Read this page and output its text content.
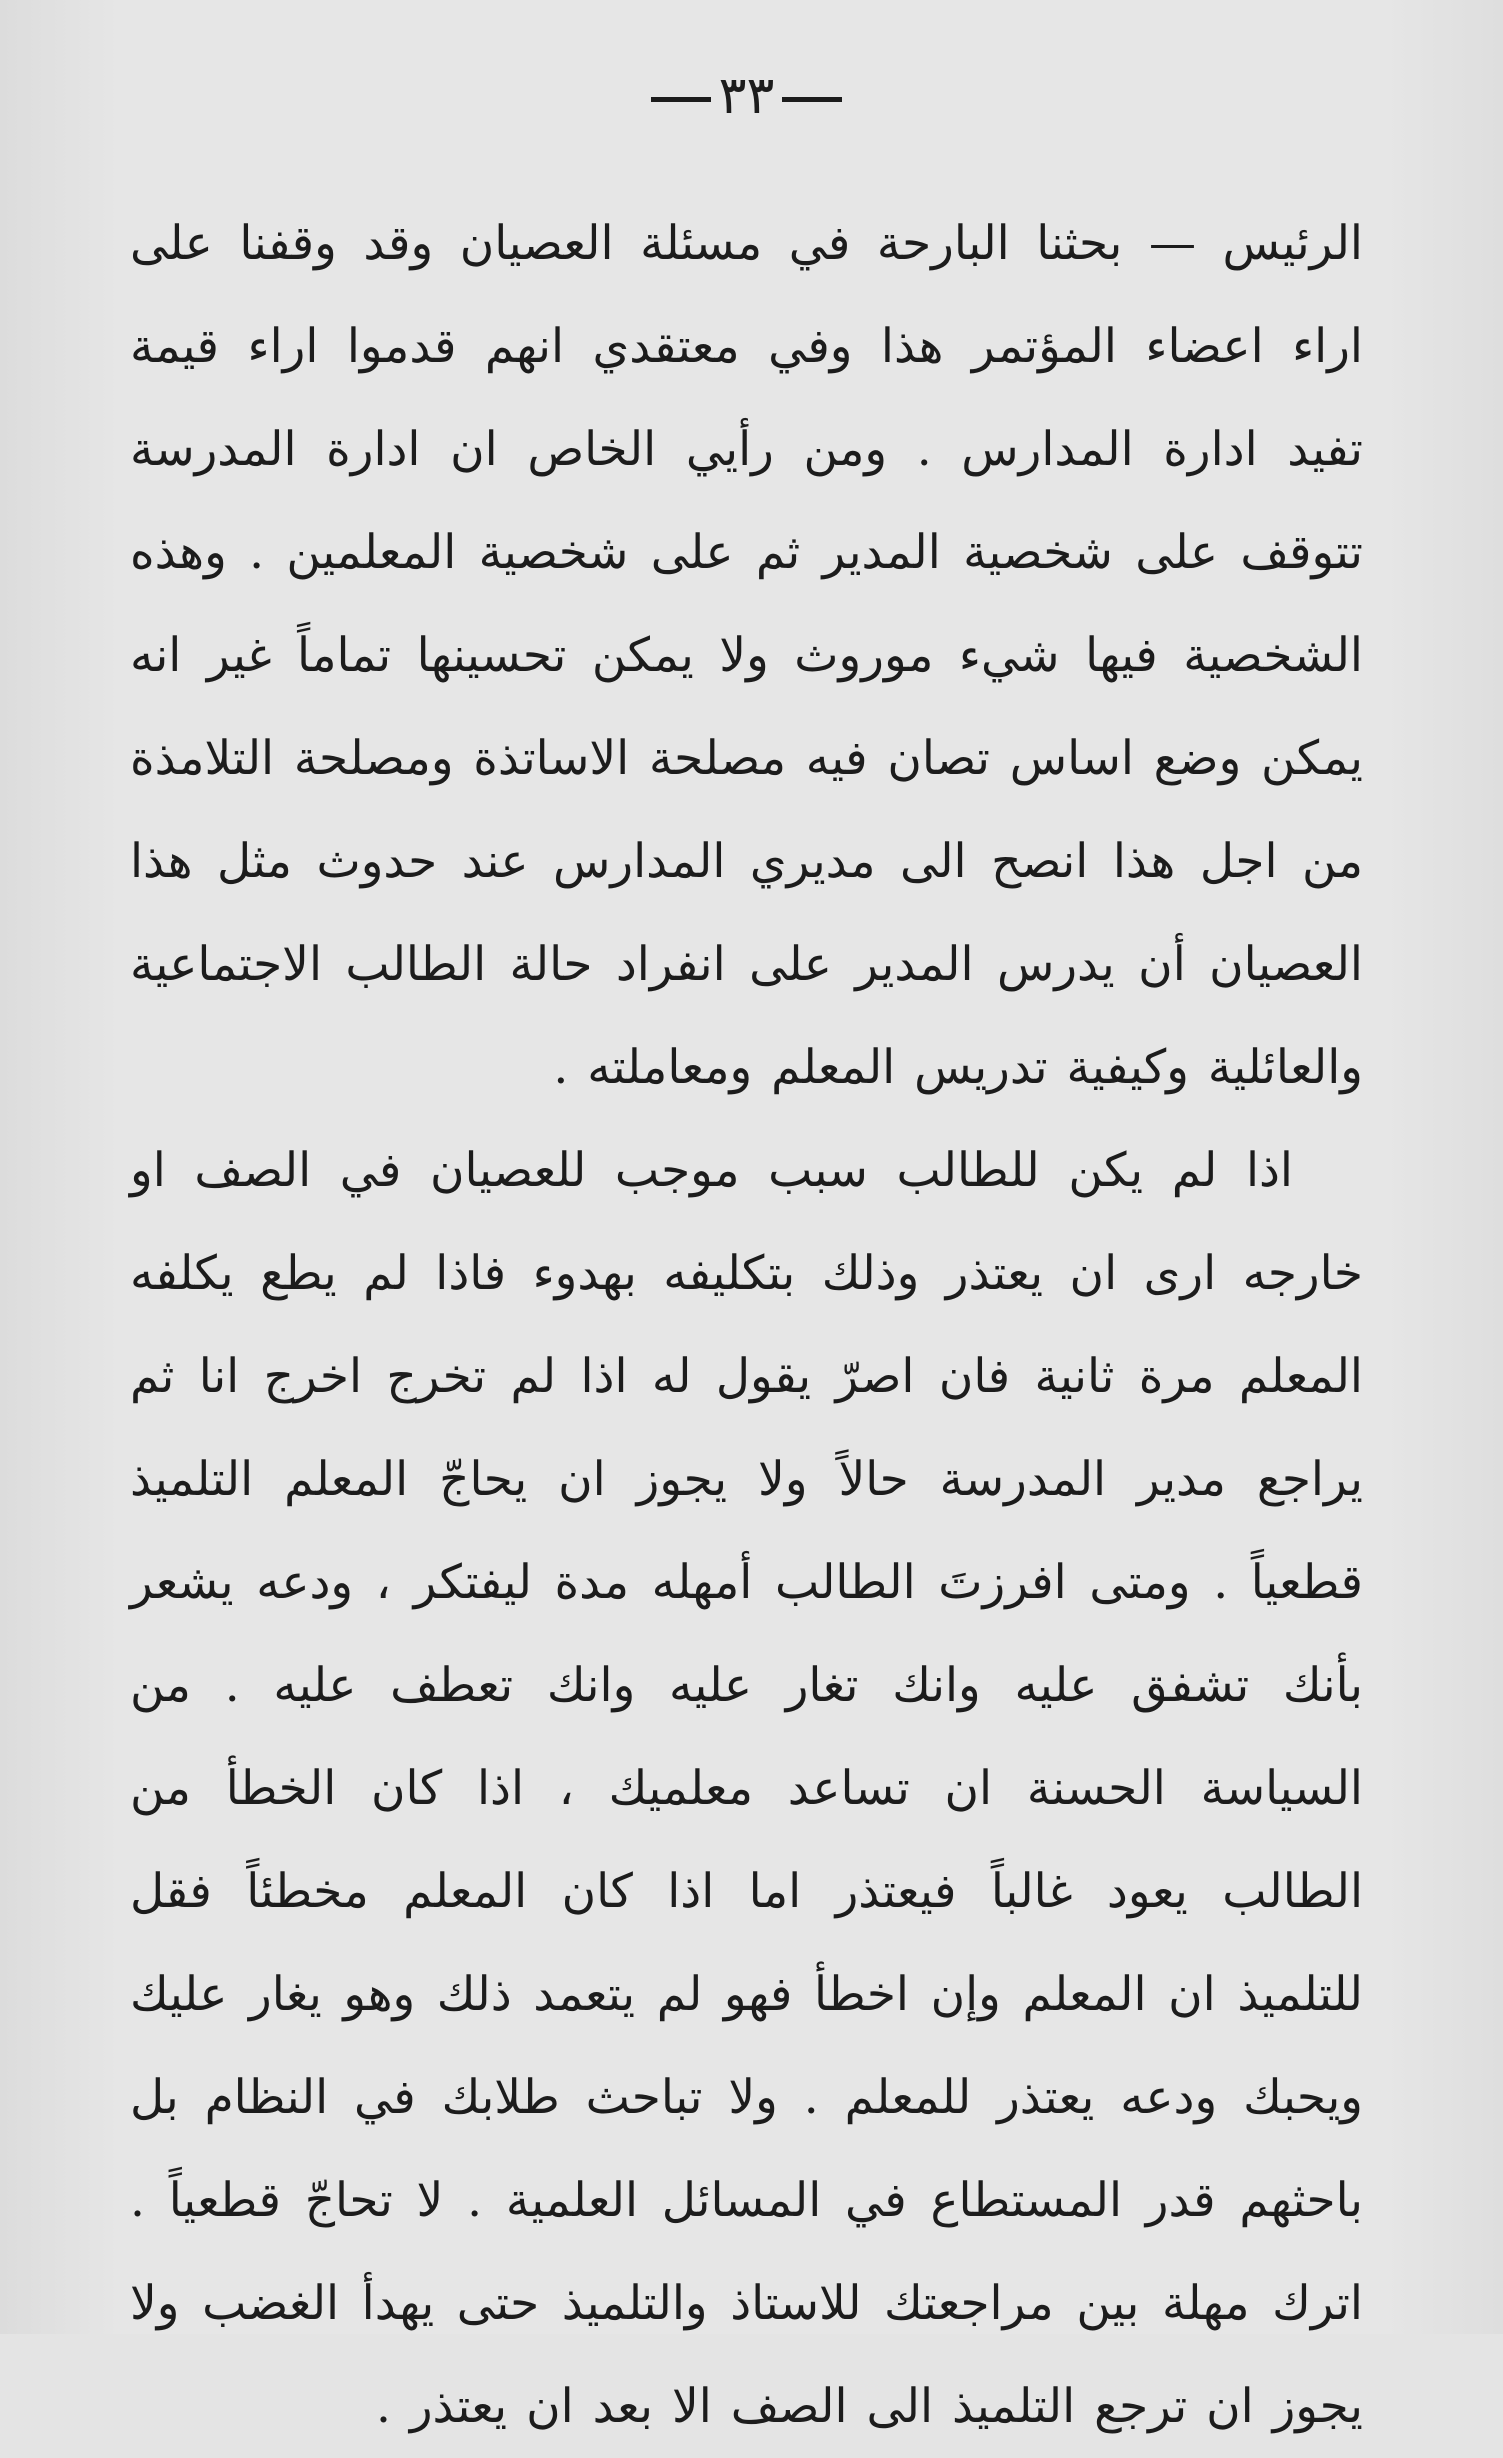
٣٣

الرئيس — بحثنا البارحة في مسئلة العصيان وقد وقفنا على اراء اعضاء المؤتمر هذا وفي معتقدي انهم قدموا اراء قيمة تفيد ادارة المدارس . ومن رأيي الخاص ان ادارة المدرسة تتوقف على شخصية المدير ثم على شخصية المعلمين . وهذه الشخصية فيها شيء موروث ولا يمكن تحسينها تماماً غير انه يمكن وضع اساس تصان فيه مصلحة الاساتذة ومصلحة التلامذة من اجل هذا انصح الى مديري المدارس عند حدوث مثل هذا العصيان أن يدرس المدير على انفراد حالة الطالب الاجتماعية والعائلية وكيفية تدريس المعلم ومعاملته .

اذا لم يكن للطالب سبب موجب للعصيان في الصف او خارجه ارى ان يعتذر وذلك بتكليفه بهدوء فاذا لم يطع يكلفه المعلم مرة ثانية فان اصرّ يقول له اذا لم تخرج اخرج انا ثم يراجع مدير المدرسة حالاً ولا يجوز ان يحاجّ المعلم التلميذ قطعياً . ومتى افرزتَ الطالب أمهله مدة ليفتكر ، ودعه يشعر بأنك تشفق عليه وانك تغار عليه وانك تعطف عليه . من السياسة الحسنة ان تساعد معلميك ، اذا كان الخطأ من الطالب يعود غالباً فيعتذر اما اذا كان المعلم مخطئاً فقل للتلميذ ان المعلم وإن اخطأ فهو لم يتعمد ذلك وهو يغار عليك ويحبك ودعه يعتذر للمعلم . ولا تباحث طلابك في النظام بل باحثهم قدر المستطاع في المسائل العلمية . لا تحاجّ قطعياً . اترك مهلة بين مراجعتك للاستاذ والتلميذ حتى يهدأ الغضب ولا يجوز ان ترجع التلميذ الى الصف الا بعد ان يعتذر .
